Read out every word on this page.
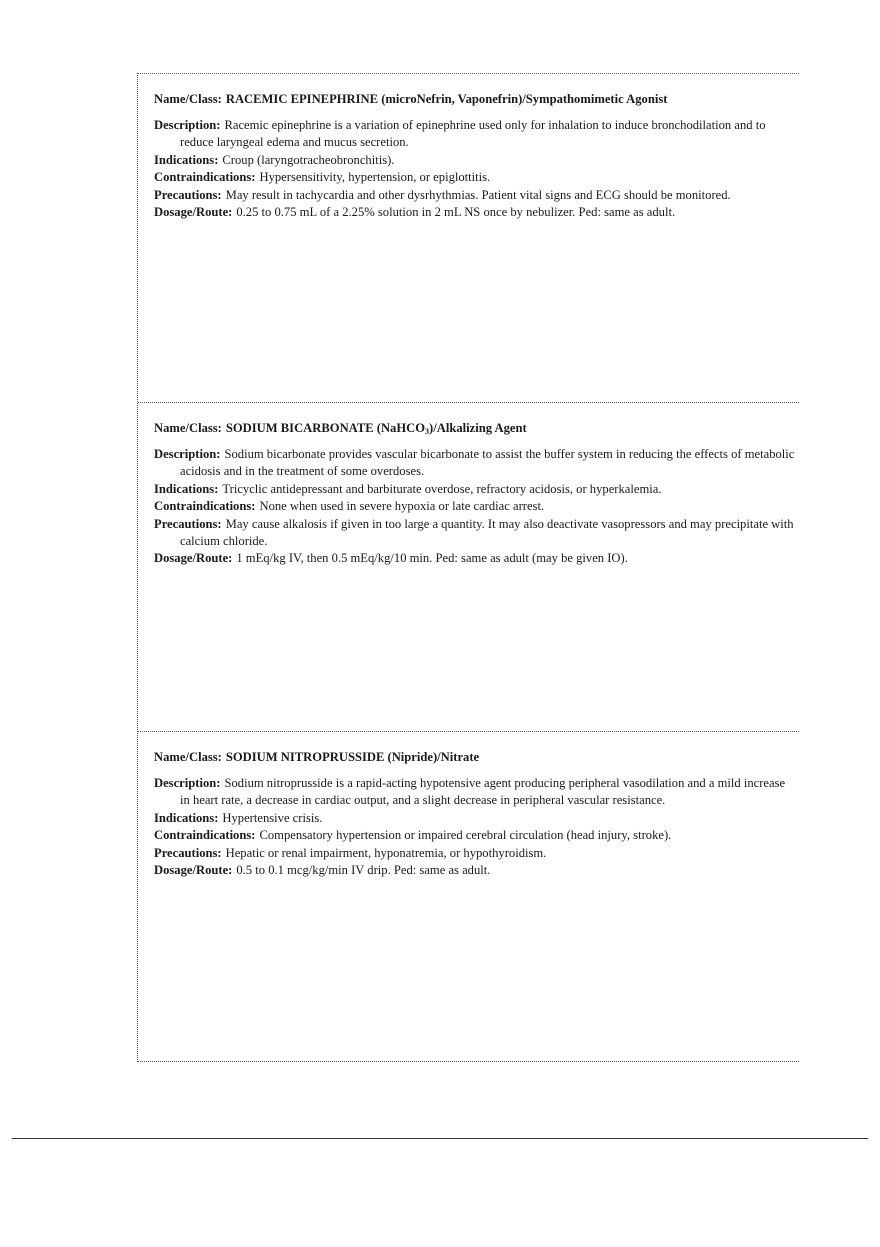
Name/Class: RACEMIC EPINEPHRINE (microNefrin, Vaponefrin)/Sympathomimetic Agonist

Description: Racemic epinephrine is a variation of epinephrine used only for inhalation to induce bronchodilation and to reduce laryngeal edema and mucus secretion.

Indications: Croup (laryngotracheobronchitis).

Contraindications: Hypersensitivity, hypertension, or epiglottitis.

Precautions: May result in tachycardia and other dysrhythmias. Patient vital signs and ECG should be monitored.

Dosage/Route: 0.25 to 0.75 mL of a 2.25% solution in 2 mL NS once by nebulizer. Ped: same as adult.

Name/Class: SODIUM BICARBONATE (NaHCO$_3$)/Alkalizing Agent

Description: Sodium bicarbonate provides vascular bicarbonate to assist the buffer system in reducing the effects of metabolic acidosis and in the treatment of some overdoses.

Indications: Tricyclic antidepressant and barbiturate overdose, refractory acidosis, or hyperkalemia.

Contraindications: None when used in severe hypoxia or late cardiac arrest.

Precautions: May cause alkalosis if given in too large a quantity. It may also deactivate vasopressors and may precipitate with calcium chloride.

Dosage/Route: 1 mEq/kg IV, then 0.5 mEq/kg/10 min. Ped: same as adult (may be given IO).

Name/Class: SODIUM NITROPRUSSIDE (Nipride)/Nitrate

Description: Sodium nitroprusside is a rapid-acting hypotensive agent producing peripheral vasodilation and a mild increase in heart rate, a decrease in cardiac output, and a slight decrease in peripheral vascular resistance.

Indications: Hypertensive crisis.

Contraindications: Compensatory hypertension or impaired cerebral circulation (head injury, stroke).

Precautions: Hepatic or renal impairment, hyponatremia, or hypothyroidism.

Dosage/Route: 0.5 to 0.1 mcg/kg/min IV drip. Ped: same as adult.
